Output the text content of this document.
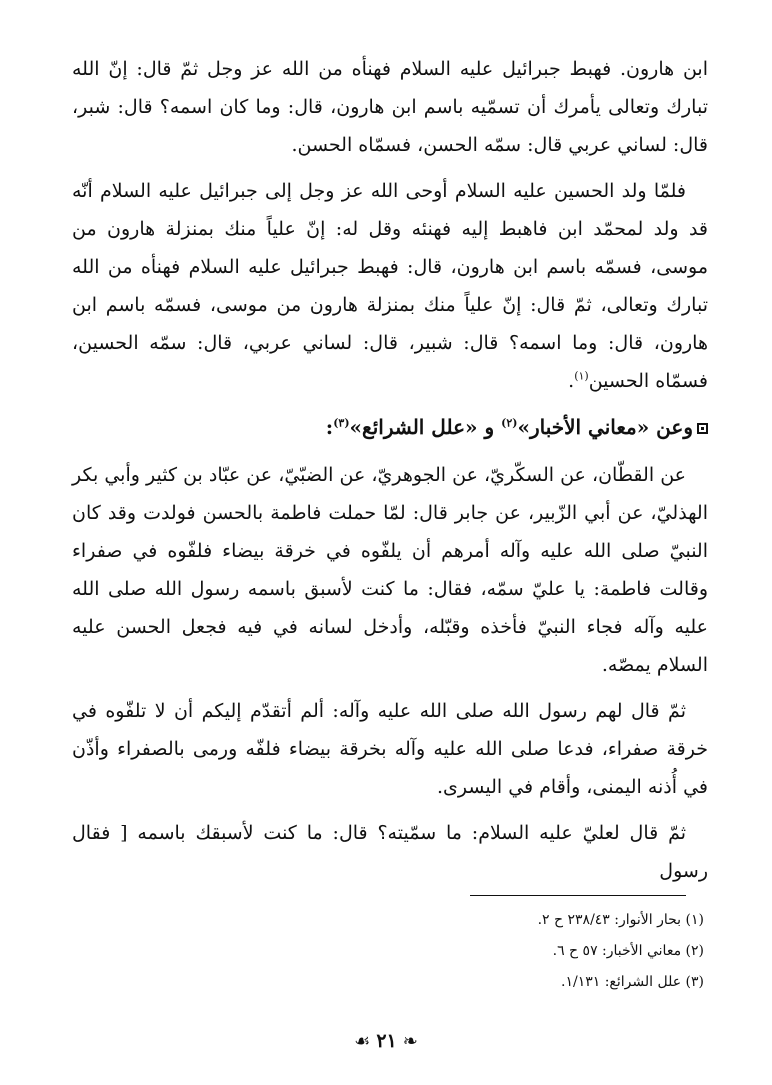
ابن هارون. فهبط جبرائيل عليه السلام فهنأه من الله عز وجل ثمّ قال: إنّ الله تبارك وتعالى يأمرك أن تسمّيه باسم ابن هارون، قال: وما كان اسمه؟ قال: شبر، قال: لساني عربي قال: سمّه الحسن، فسمّاه الحسن.

فلمّا ولد الحسين عليه السلام أوحى الله عز وجل إلى جبرائيل عليه السلام أنّه قد ولد لمحمّد ابن فاهبط إليه فهنئه وقل له: إنّ علياً منك بمنزلة هارون من موسى، فسمّه باسم ابن هارون، قال: فهبط جبرائيل عليه السلام فهنأه من الله تبارك وتعالى، ثمّ قال: إنّ علياً منك بمنزلة هارون من موسى، فسمّه باسم ابن هارون، قال: وما اسمه؟ قال: شبير، قال: لساني عربي، قال: سمّه الحسين، فسمّاه الحسين$^{(١)}$.

وعن «معاني الأخبار»$^{(٢)}$ و «علل الشرائع»$^{(٣)}$:

عن القطّان، عن السكّريّ، عن الجوهريّ، عن الضبّيّ، عن عبّاد بن كثير وأبي بكر الهذليّ، عن أبي الزّبير، عن جابر قال: لمّا حملت فاطمة بالحسن فولدت وقد كان النبيّ صلى الله عليه وآله أمرهم أن يلفّوه في خرقة بيضاء فلفّوه في صفراء وقالت فاطمة: يا عليّ سمّه، فقال: ما كنت لأسبق باسمه رسول الله صلى الله عليه وآله فجاء النبيّ فأخذه وقبّله، وأدخل لسانه في فيه فجعل الحسن عليه السلام يمصّه.

ثمّ قال لهم رسول الله صلى الله عليه وآله: ألم أتقدّم إليكم أن لا تلفّوه في خرقة صفراء، فدعا صلى الله عليه وآله بخرقة بيضاء فلفّه ورمى بالصفراء وأذّن في أُذنه اليمنى، وأقام في اليسرى.

ثمّ قال لعليّ عليه السلام: ما سمّيته؟ قال: ما كنت لأسبقك باسمه [ فقال رسول

(١) بحار الأنوار: ٢٣٨/٤٣ ح ٢.

(٢) معاني الأخبار: ٥٧ ح ٦.

(٣) علل الشرائع: ١/١٣١.

❧٢١☙
